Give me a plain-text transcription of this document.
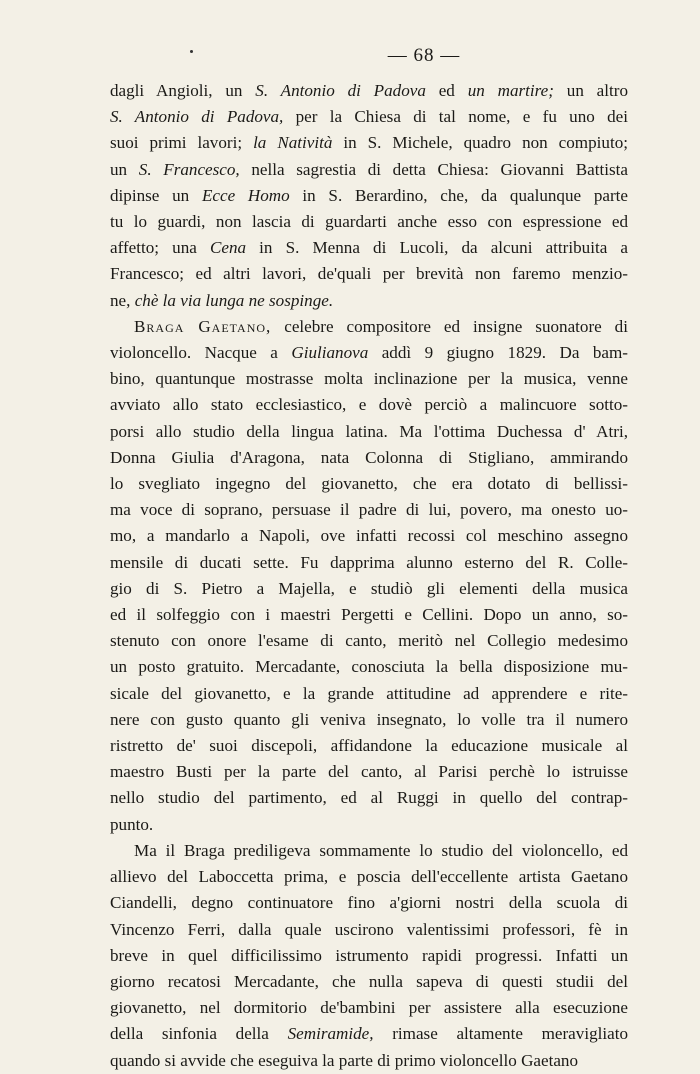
— 68 —
dagli Angioli, un S. Antonio di Padova ed un martire; un altro
S. Antonio di Padova, per la Chiesa di tal nome, e fu uno dei
suoi primi lavori; la Natività in S. Michele, quadro non compiuto;
un S. Francesco, nella sagrestia di detta Chiesa: Giovanni Battista
dipinse un Ecce Homo in S. Berardino, che, da qualunque parte
tu lo guardi, non lascia di guardarti anche esso con espressione ed
affetto; una Cena in S. Menna di Lucoli, da alcuni attribuita a
Francesco; ed altri lavori, de'quali per brevità non faremo menzio-
ne, chè la via lunga ne sospinge.
Braga Gaetano, celebre compositore ed insigne suonatore di
violoncello. Nacque a Giulianova addì 9 giugno 1829. Da bam-
bino, quantunque mostrasse molta inclinazione per la musica, venne
avviato allo stato ecclesiastico, e dovè perciò a malincuore sotto-
porsi allo studio della lingua latina. Ma l'ottima Duchessa d' Atri,
Donna Giulia d'Aragona, nata Colonna di Stigliano, ammirando
lo svegliato ingegno del giovanetto, che era dotato di bellissi-
ma voce di soprano, persuase il padre di lui, povero, ma onesto uo-
mo, a mandarlo a Napoli, ove infatti recossi col meschino assegno
mensile di ducati sette. Fu dapprima alunno esterno del R. Colle-
gio di S. Pietro a Majella, e studiò gli elementi della musica
ed il solfeggio con i maestri Pergetti e Cellini. Dopo un anno, so-
stenuto con onore l'esame di canto, meritò nel Collegio medesimo
un posto gratuito. Mercadante, conosciuta la bella disposizione mu-
sicale del giovanetto, e la grande attitudine ad apprendere e rite-
nere con gusto quanto gli veniva insegnato, lo volle tra il numero
ristretto de' suoi discepoli, affidandone la educazione musicale al
maestro Busti per la parte del canto, al Parisi perchè lo istruisse
nello studio del partimento, ed al Ruggi in quello del contrap-
punto.
Ma il Braga prediligeva sommamente lo studio del violoncello, ed
allievo del Laboccetta prima, e poscia dell'eccellente artista Gaetano
Ciandelli, degno continuatore fino a'giorni nostri della scuola di
Vincenzo Ferri, dalla quale uscirono valentissimi professori, fè in
breve in quel difficilissimo istrumento rapidi progressi. Infatti un
giorno recatosi Mercadante, che nulla sapeva di questi studii del
giovanetto, nel dormitorio de'bambini per assistere alla esecuzione
della sinfonia della Semiramide, rimase altamente meravigliato
quando si avvide che eseguiva la parte di primo violoncello Gaetano
